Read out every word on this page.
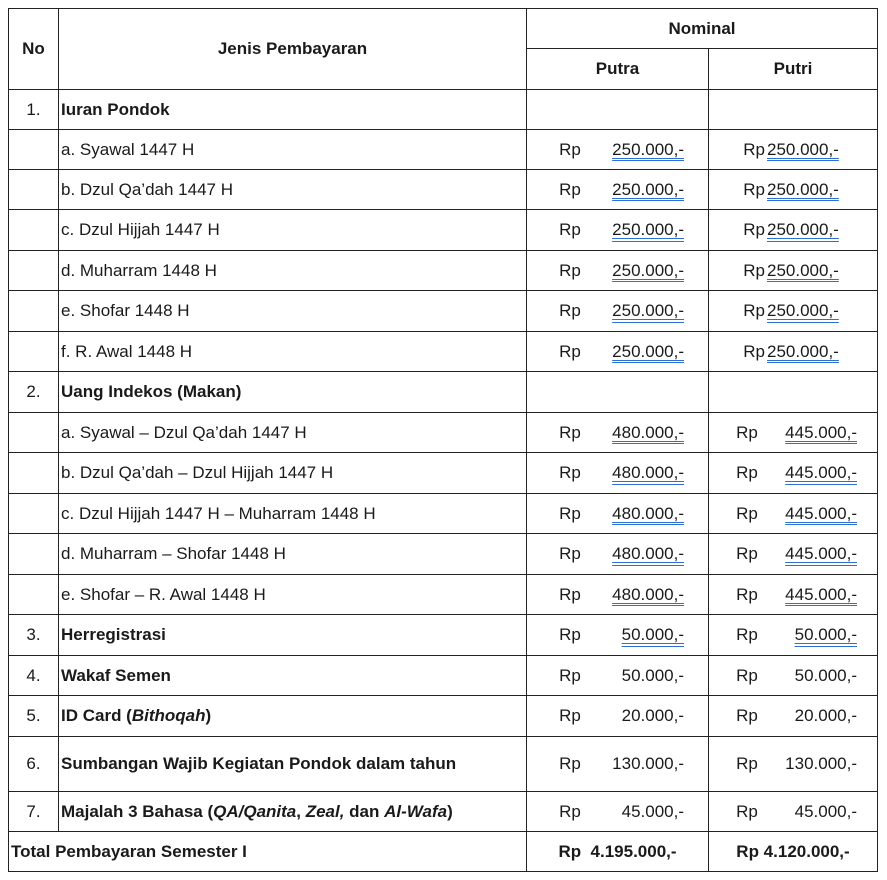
No	Jenis Pembayaran	Nominal	
		Putra	Putri
1.	Iuran Pondok		
	a. Syawal 1447 H	Rp 250.000,-	Rp 250.000,-
	b. Dzul Qa’dah 1447 H	Rp 250.000,-	Rp 250.000,-
	c. Dzul Hijjah 1447 H	Rp 250.000,-	Rp 250.000,-
	d. Muharram 1448 H	Rp 250.000,-	Rp 250.000,-
	e. Shofar 1448 H	Rp 250.000,-	Rp 250.000,-
	f. R. Awal 1448 H	Rp 250.000,-	Rp 250.000,-
2.	Uang Indekos (Makan)		
	a. Syawal – Dzul Qa’dah 1447 H	Rp 480.000,-	Rp 445.000,-
	b. Dzul Qa’dah – Dzul Hijjah 1447 H	Rp 480.000,-	Rp 445.000,-
	c. Dzul Hijjah 1447 H – Muharram 1448 H	Rp 480.000,-	Rp 445.000,-
	d. Muharram – Shofar 1448 H	Rp 480.000,-	Rp 445.000,-
	e. Shofar – R. Awal 1448 H	Rp 480.000,-	Rp 445.000,-
3.	Herregistrasi	Rp 50.000,-	Rp 50.000,-
4.	Wakaf Semen	Rp 50.000,-	Rp 50.000,-
5.	ID Card (Bithoqah)	Rp 20.000,-	Rp 20.000,-
6.	Sumbangan Wajib Kegiatan Pondok dalam tahun	Rp 130.000,-	Rp 130.000,-
7.	Majalah 3 Bahasa (QA/Qanita, Zeal, dan Al-Wafa)	Rp 45.000,-	Rp 45.000,-
Total Pembayaran Semester I		Rp  4.195.000,-	Rp 4.120.000,-
